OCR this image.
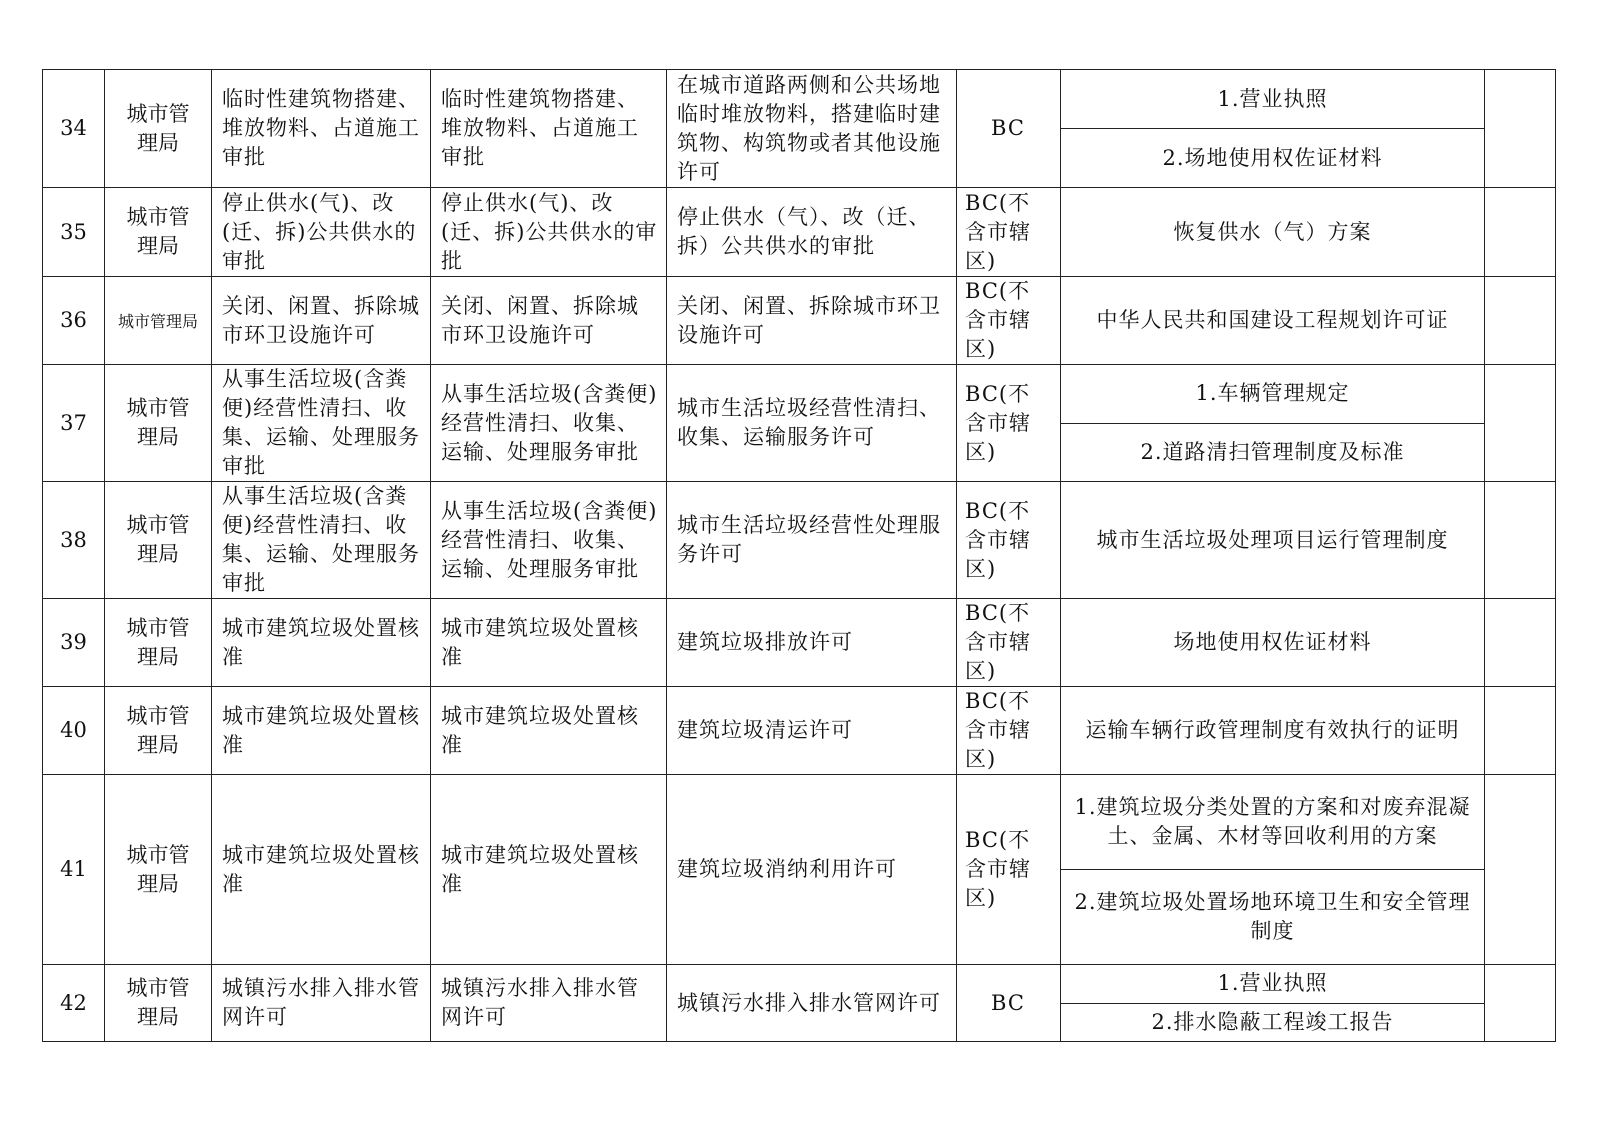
34	城市管理局	临时性建筑物搭建、堆放物料、占道施工审批	临时性建筑物搭建、堆放物料、占道施工审批	在城市道路两侧和公共场地临时堆放物料，搭建临时建筑物、构筑物或者其他设施许可	BC	1.营业执照
2.场地使用权佐证材料	

35	城市管理局	停止供水(气)、改(迁、拆)公共供水的审批	停止供水(气)、改(迁、拆)公共供水的审批	停止供水（气）、改（迁、拆）公共供水的审批	BC(不含市辖区)	恢复供水（气）方案	
36	城市管理局	关闭、闲置、拆除城市环卫设施许可	关闭、闲置、拆除城市环卫设施许可	关闭、闲置、拆除城市环卫设施许可	BC(不含市辖区)	中华人民共和国建设工程规划许可证	
37	城市管理局	从事生活垃圾(含粪便)经营性清扫、收集、运输、处理服务审批	从事生活垃圾(含粪便)经营性清扫、收集、运输、处理服务审批	城市生活垃圾经营性清扫、收集、运输服务许可	BC(不含市辖区)	1.车辆管理规定
2.道路清扫管理制度及标准	

38	城市管理局	从事生活垃圾(含粪便)经营性清扫、收集、运输、处理服务审批	从事生活垃圾(含粪便)经营性清扫、收集、运输、处理服务审批	城市生活垃圾经营性处理服务许可	BC(不含市辖区)	城市生活垃圾处理项目运行管理制度	
39	城市管理局	城市建筑垃圾处置核准	城市建筑垃圾处置核准	建筑垃圾排放许可	BC(不含市辖区)	场地使用权佐证材料	
40	城市管理局	城市建筑垃圾处置核准	城市建筑垃圾处置核准	建筑垃圾清运许可	BC(不含市辖区)	运输车辆行政管理制度有效执行的证明	
41	城市管理局	城市建筑垃圾处置核准	城市建筑垃圾处置核准	建筑垃圾消纳利用许可	BC(不含市辖区)	1.建筑垃圾分类处置的方案和对废弃混凝土、金属、木材等回收利用的方案
2.建筑垃圾处置场地环境卫生和安全管理制度	

42	城市管理局	城镇污水排入排水管网许可	城镇污水排入排水管网许可	城镇污水排入排水管网许可	BC	1.营业执照
2.排水隐蔽工程竣工报告	
